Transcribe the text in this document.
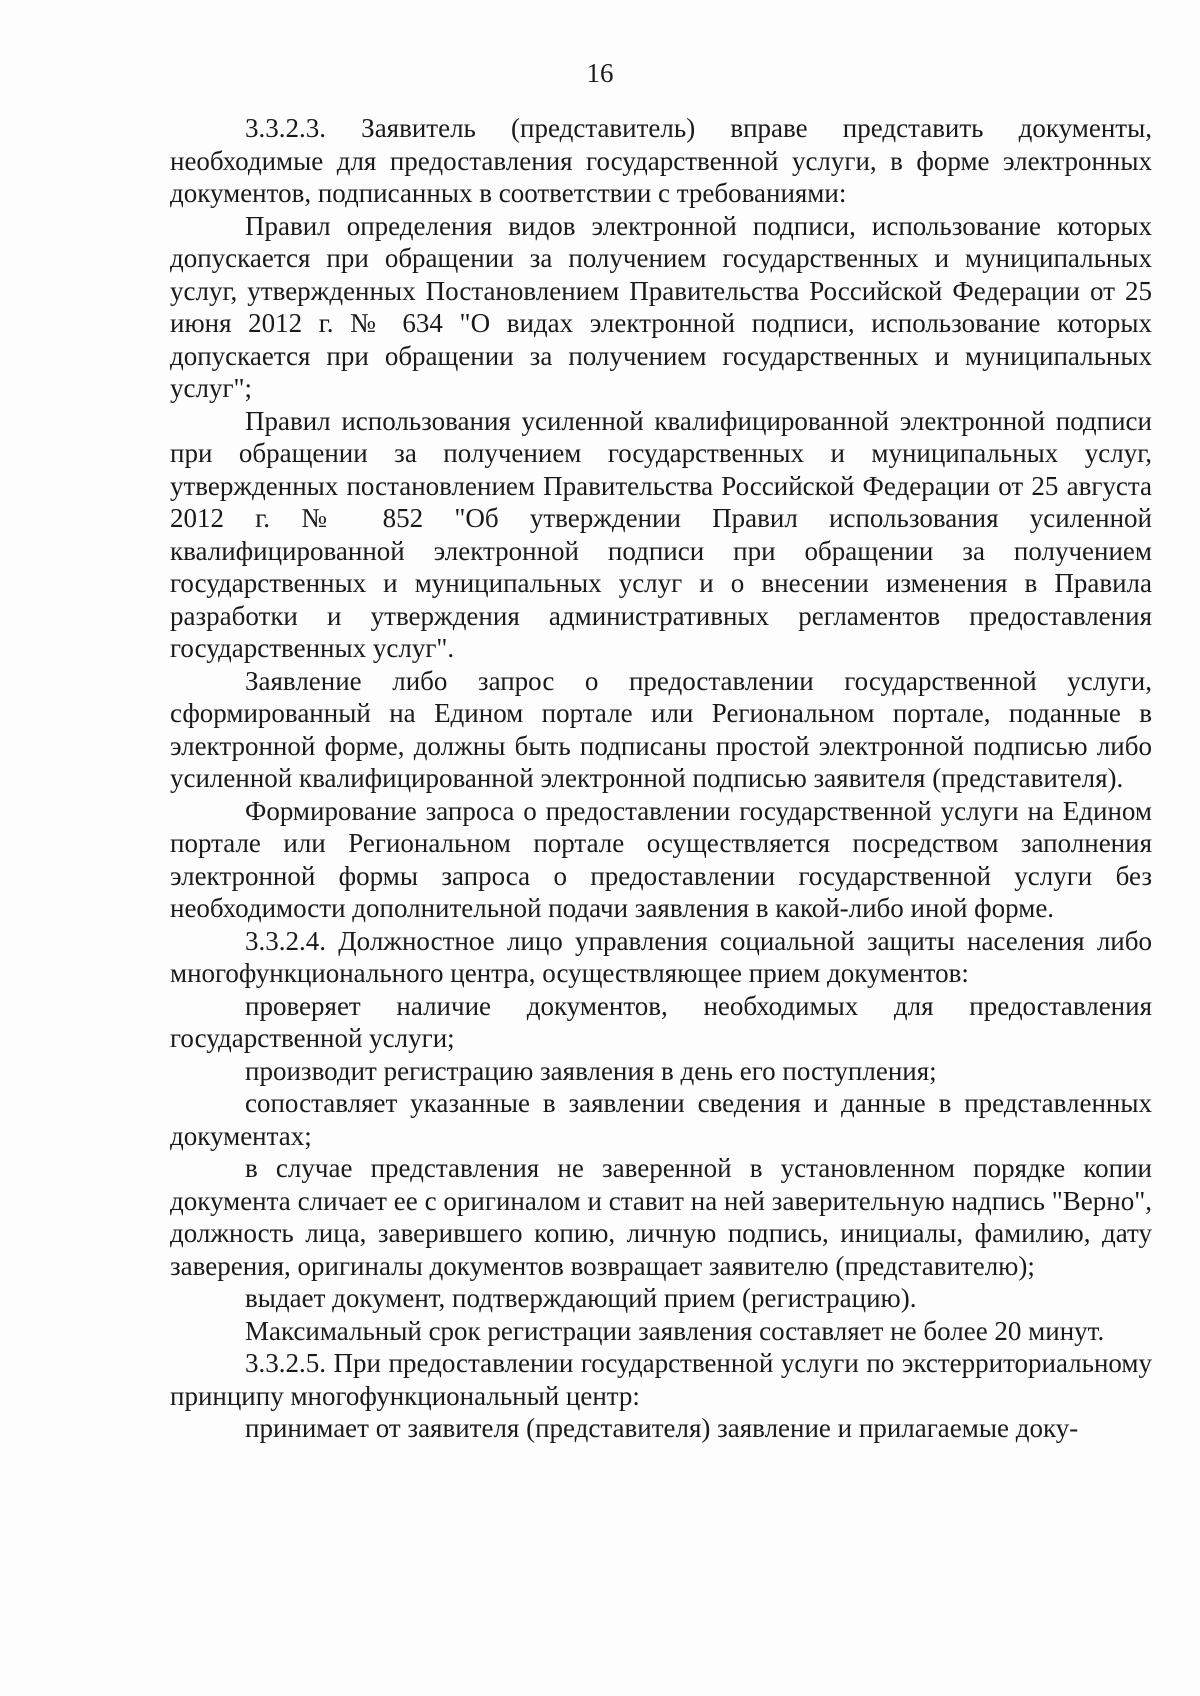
16

3.3.2.3. Заявитель (представитель) вправе представить документы, необходимые для предоставления государственной услуги, в форме электронных документов, подписанных в соответствии с требованиями:

Правил определения видов электронной подписи, использование которых допускается при обращении за получением государственных и муниципальных услуг, утвержденных Постановлением Правительства Российской Федерации от 25 июня 2012 г. № 634 "О видах электронной подписи, использование которых допускается при обращении за получением государственных и муниципальных услуг";

Правил использования усиленной квалифицированной электронной подписи при обращении за получением государственных и муниципальных услуг, утвержденных постановлением Правительства Российской Федерации от 25 августа 2012 г. № 852 "Об утверждении Правил использования усиленной квалифицированной электронной подписи при обращении за получением государственных и муниципальных услуг и о внесении изменения в Правила разработки и утверждения административных регламентов предоставления государственных услуг".

Заявление либо запрос о предоставлении государственной услуги, сформированный на Едином портале или Региональном портале, поданные в электронной форме, должны быть подписаны простой электронной подписью либо усиленной квалифицированной электронной подписью заявителя (представителя).

Формирование запроса о предоставлении государственной услуги на Едином портале или Региональном портале осуществляется посредством заполнения электронной формы запроса о предоставлении государственной услуги без необходимости дополнительной подачи заявления в какой-либо иной форме.

3.3.2.4. Должностное лицо управления социальной защиты населения либо многофункционального центра, осуществляющее прием документов:

проверяет наличие документов, необходимых для предоставления государственной услуги;

производит регистрацию заявления в день его поступления;

сопоставляет указанные в заявлении сведения и данные в представленных документах;

в случае представления не заверенной в установленном порядке копии документа сличает ее с оригиналом и ставит на ней заверительную надпись "Верно", должность лица, заверившего копию, личную подпись, инициалы, фамилию, дату заверения, оригиналы документов возвращает заявителю (представителю);

выдает документ, подтверждающий прием (регистрацию).

Максимальный срок регистрации заявления составляет не более 20 минут.

3.3.2.5. При предоставлении государственной услуги по экстерриториальному принципу многофункциональный центр:

принимает от заявителя (представителя) заявление и прилагаемые доку-
